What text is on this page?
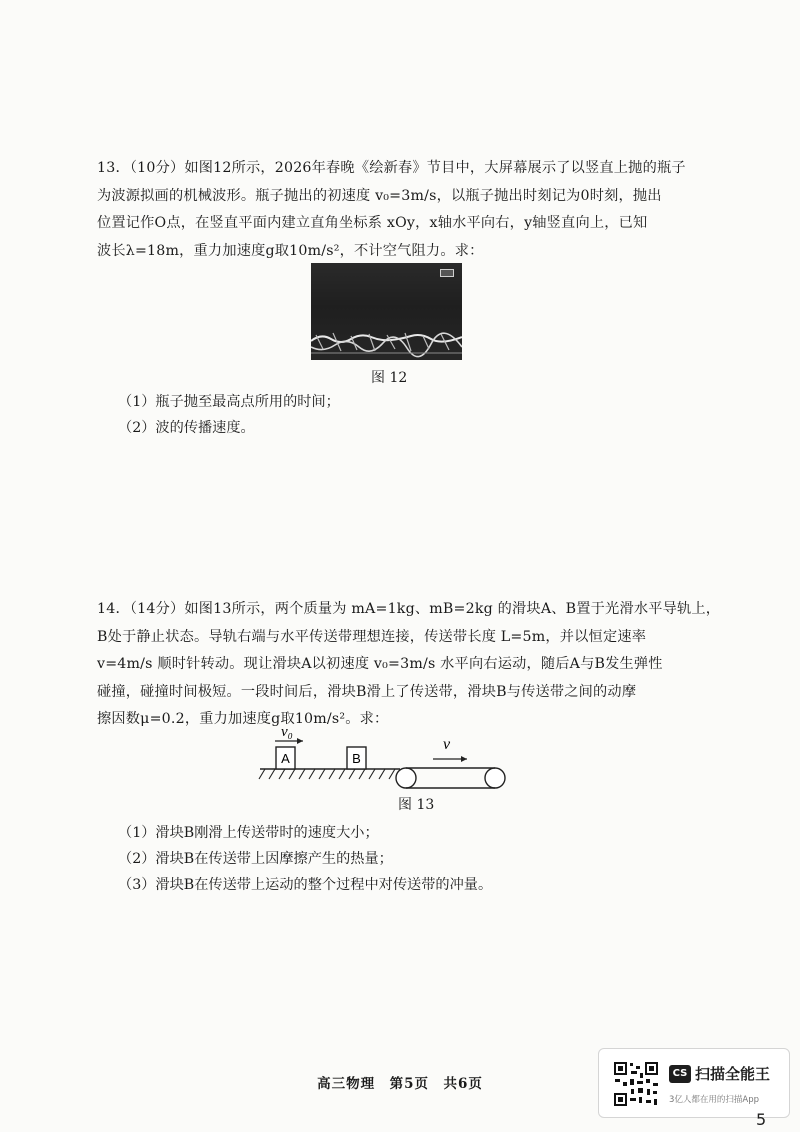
13．（10分）如图12所示，2026年春晚《绘新春》节目中，大屏幕展示了以竖直上抛的瓶子
为波源拟画的机械波形。瓶子抛出的初速度 v₀=3m/s，以瓶子抛出时刻记为0时刻，抛出
位置记作O点，在竖直平面内建立直角坐标系 xOy，x轴水平向右，y轴竖直向上，已知
波长λ=18m，重力加速度g取10m/s²，不计空气阻力。求：

图 12

（1）瓶子抛至最高点所用的时间；

（2）波的传播速度。

14．（14分）如图13所示，两个质量为 mA=1kg、mB=2kg 的滑块A、B置于光滑水平导轨上，
B处于静止状态。导轨右端与水平传送带理想连接，传送带长度 L=5m，并以恒定速率
v=4m/s 顺时针转动。现让滑块A以初速度 v₀=3m/s 水平向右运动，随后A与B发生弹性
碰撞，碰撞时间极短。一段时间后，滑块B滑上了传送带，滑块B与传送带之间的动摩
擦因数μ=0.2，重力加速度g取10m/s²。求：
A
v₀
B
v

图 13

（1）滑块B刚滑上传送带时的速度大小；

（2）滑块B在传送带上因摩擦产生的热量；

（3）滑块B在传送带上运动的整个过程中对传送带的冲量。

高三物理　第5页　共6页
CS 扫描全能王
3亿人都在用的扫描App
5
